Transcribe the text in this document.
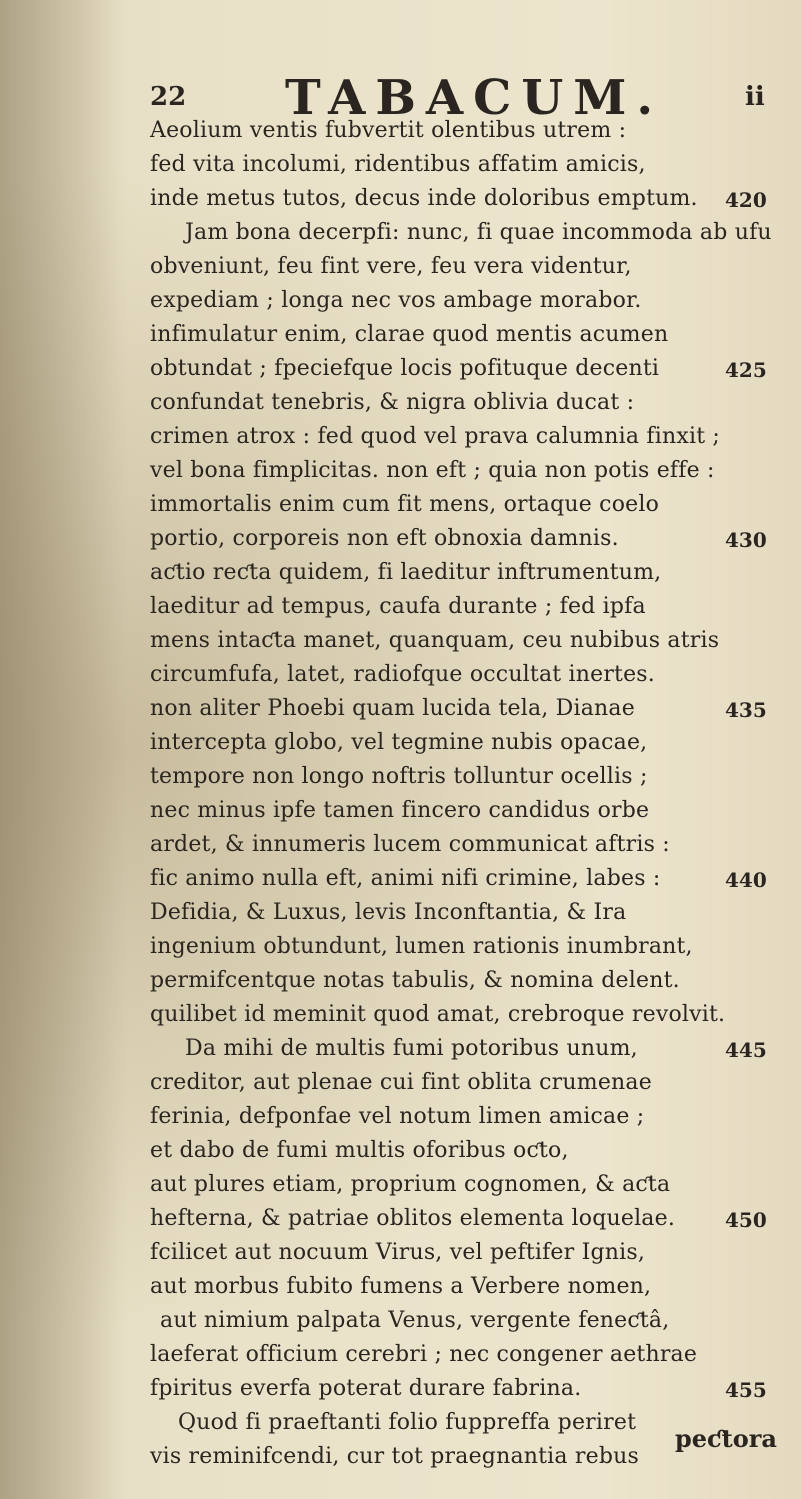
22 TABACUM.	ii
Aeolium ventis fubvertit olentibus utrem :
fed vita incolumi, ridentibus affatim amicis,
inde metus tutos, decus inde doloribus emptum.
Jam bona decerpfi: nunc, fi quae incommoda ab ufu
obveniunt, feu fint vere, feu vera videntur,
expediam ; longa nec vos ambage morabor.
infimulatur enim, clarae quod mentis acumen
obtundat ; fpeciefque locis pofituque decenti
confundat tenebris, & nigra oblivia ducat :
crimen atrox : fed quod vel prava calumnia finxit ;
vel bona fimplicitas. non eft ; quia non potis effe :
immortalis enim cum fit mens, ortaque coelo
portio, corporeis non eft obnoxia damnis.
aƈtio reƈta quidem, fi laeditur inftrumentum,
laeditur ad tempus, caufa durante ; fed ipfa
mens intaƈta manet, quanquam, ceu nubibus atris
circumfufa, latet, radiofque occultat inertes.
non aliter Phoebi quam lucida tela, Dianae
intercepta globo, vel tegmine nubis opacae,
tempore non longo noftris tolluntur ocellis ;
nec minus ipfe tamen fincero candidus orbe
ardet, & innumeris lucem communicat aftris :
fic animo nulla eft, animi nifi crimine, labes :
Defidia, & Luxus, levis Inconftantia, & Ira
ingenium obtundunt, lumen rationis inumbrant,
permifcentque notas tabulis, & nomina delent.
quilibet id meminit quod amat, crebroque revolvit.
Da mihi de multis fumi potoribus unum,
creditor, aut plenae cui fint oblita crumenae
ferinia, defponfae vel notum limen amicae ;
et dabo de fumi multis oforibus oƈto,
aut plures etiam, proprium cognomen, & aƈta
hefterna, & patriae oblitos elementa loquelae.
fcilicet aut nocuum Virus, vel peftifer Ignis,
aut morbus fubito fumens a Verbere nomen,
aut nimium palpata Venus, vergente feneƈtâ,
laeferat officium cerebri ; nec congener aethrae
fpiritus everfa poterat durare fabrina.
Quod fi praeftanti folio fuppreffa periret
vis reminifcendi, cur tot praegnantia rebus
420
425
430
435
440
445
450
455
peƈtora
